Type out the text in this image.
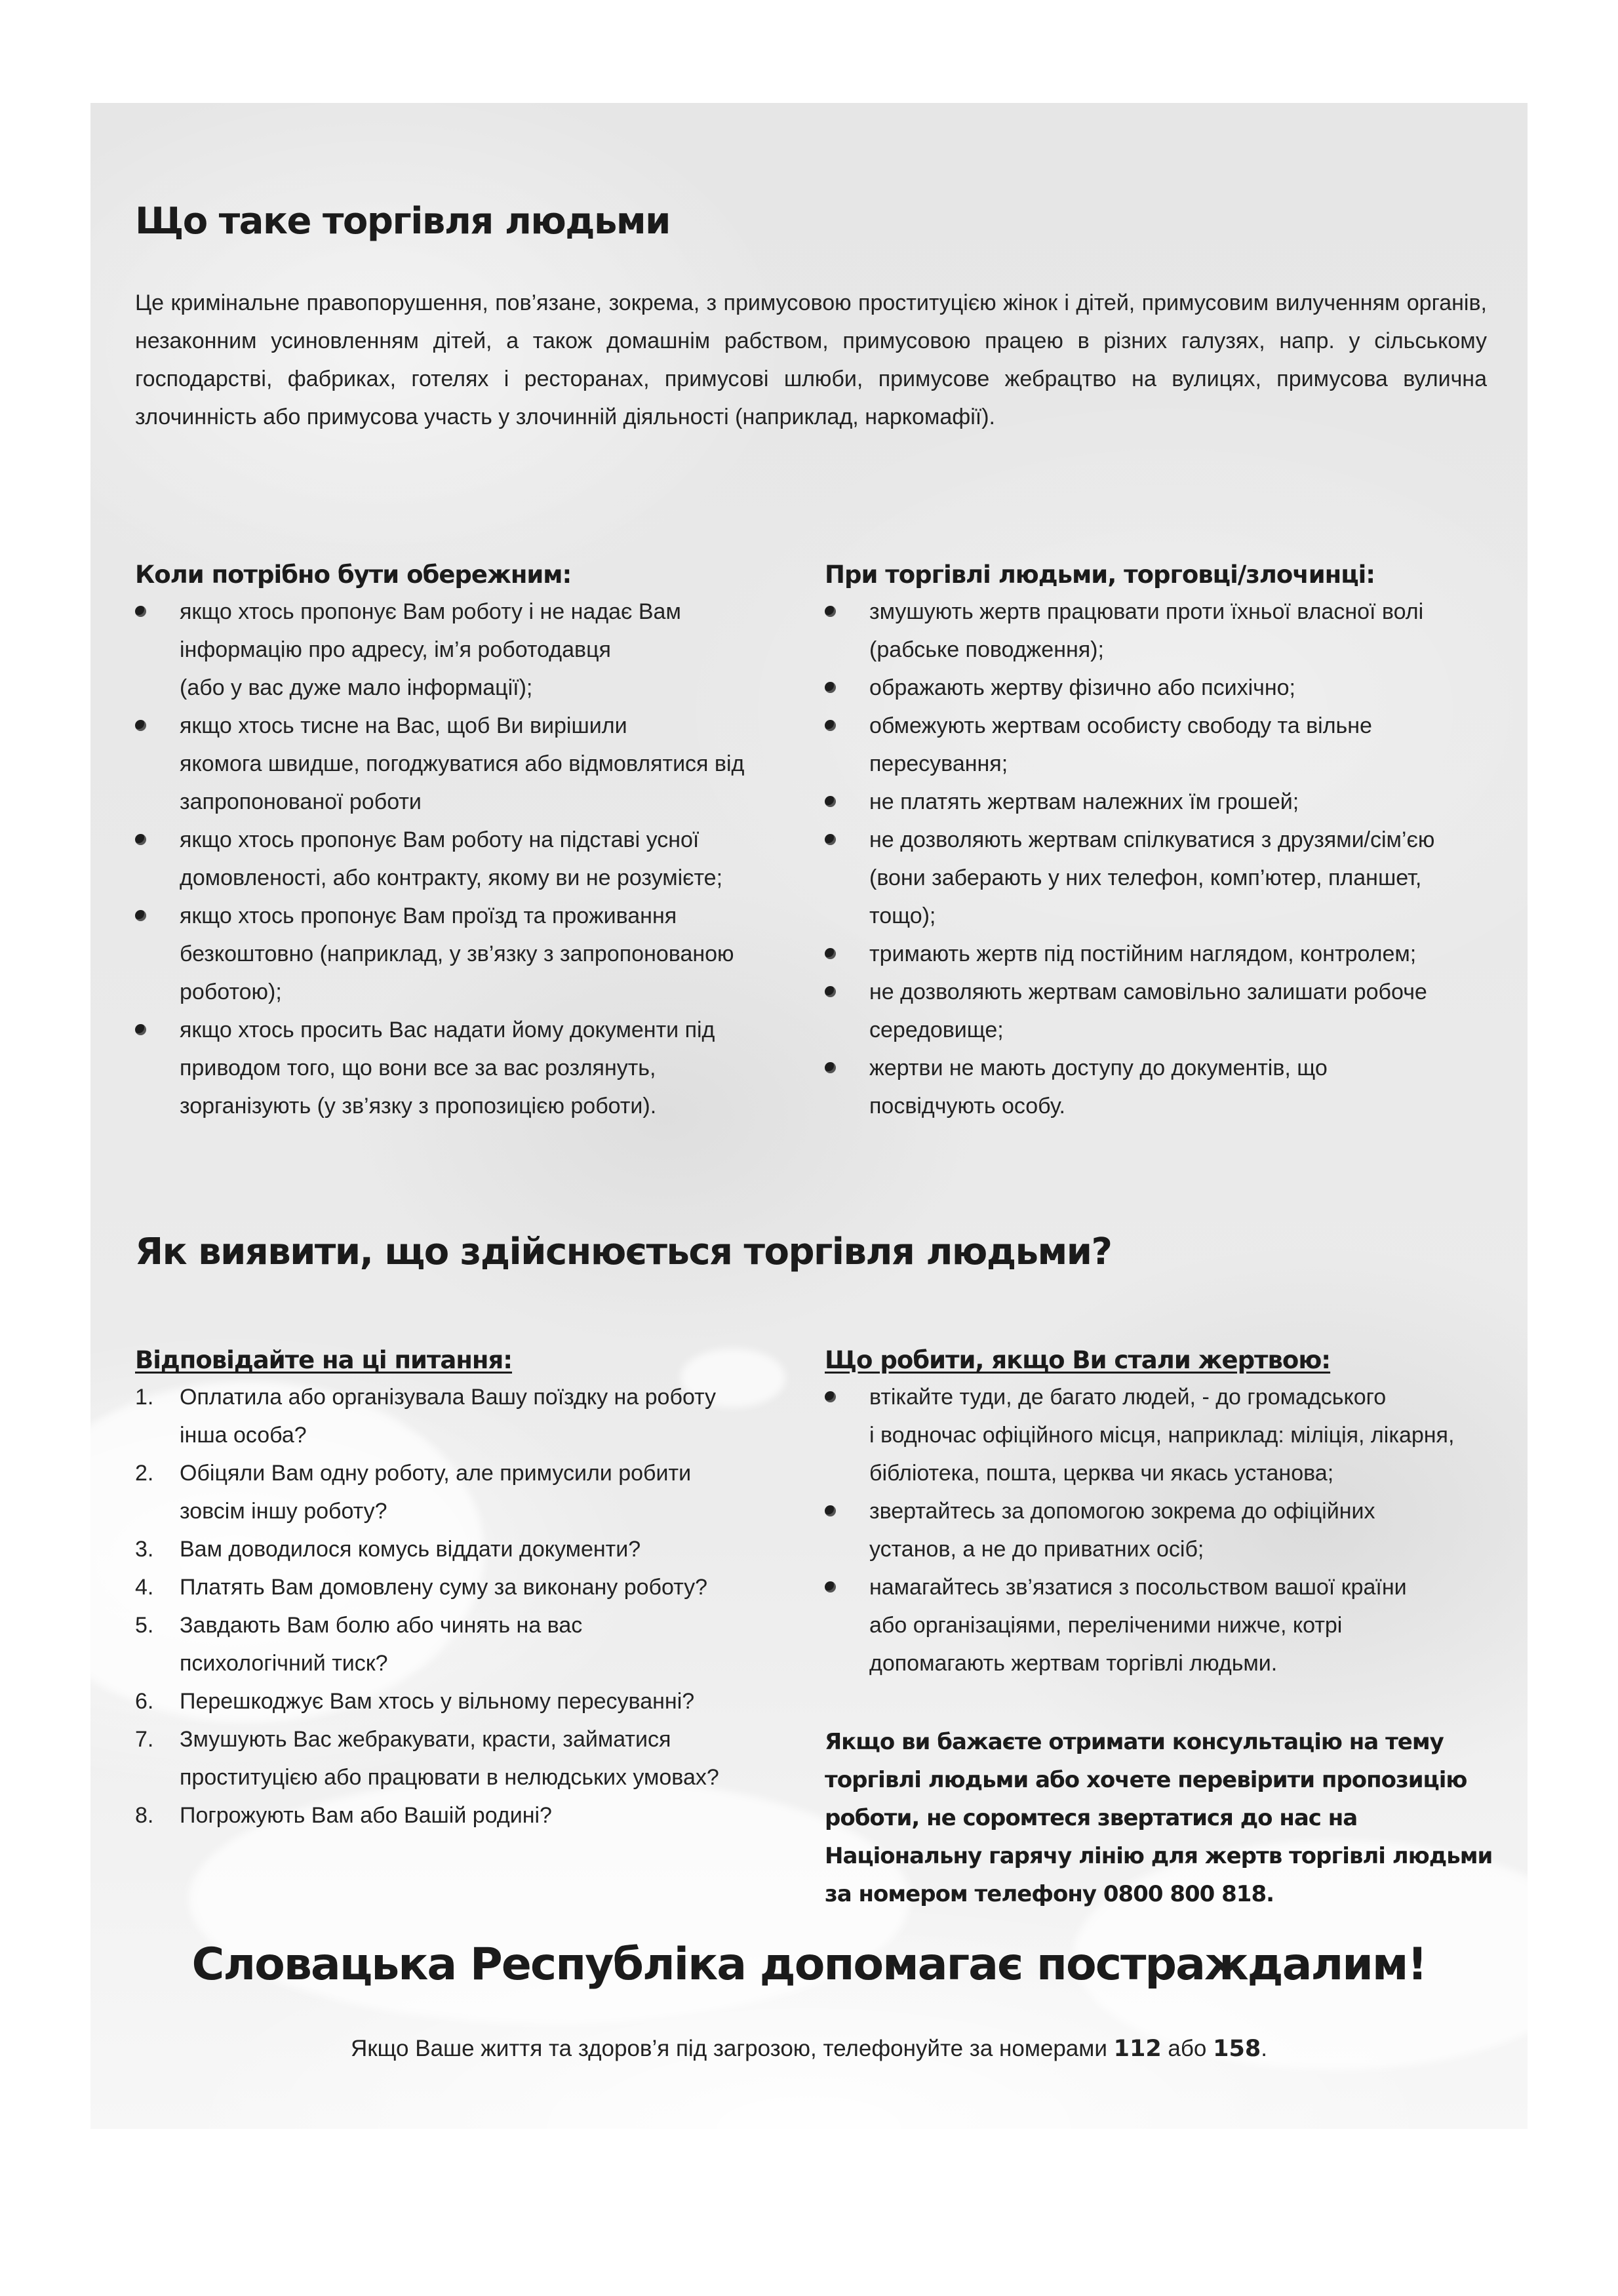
Що таке торгівля людьми

Це кримінальне правопорушення, пов’язане, зокрема, з примусовою проституцією жінок і дітей, примусовим вилученням органів, незаконним усиновленням дітей, а також домашнім рабством, примусовою працею в різних галузях, напр. у сільському господарстві, фабриках, готелях і ресторанах, примусові шлюби, примусове жебрацтво на вулицях, примусова вулична злочинність або примусова участь у злочинній діяльності (наприклад, наркомафії).

Коли потрібно бути обережним:
якщо хтось пропонує Вам роботу і не надає Вам
інформацію про адресу, ім’я роботодавця
(або у вас дуже мало інформації);
якщо хтось тисне на Вас, щоб Ви вирішили
якомога швидше, погоджуватися або відмовлятися від
запропонованої роботи
якщо хтось пропонує Вам роботу на підставі усної
домовленості, або контракту, якому ви не розумієте;
якщо хтось пропонує Вам проїзд та проживання
безкоштовно (наприклад, у зв’язку з запропонованою
роботою);
якщо хтось просить Вас надати йому документи під
приводом того, що вони все за вас розлянуть,
зорганізують (у зв’язку з пропозицією роботи).
При торгівлі людьми, торговці/злочинці:
змушують жертв працювати проти їхньої власної волі
(рабське поводження);
ображають жертву фізично або психічно;
обмежують жертвам особисту свободу та вільне
пересування;
не платять жертвам належних їм грошей;
не дозволяють жертвам спілкуватися з друзями/сім’єю
(вони заберають у них телефон, комп’ютер, планшет,
тощо);
тримають жертв під постійним наглядом, контролем;
не дозволяють жертвам самовільно залишати робоче
середовище;
жертви не мають доступу до документів, що
посвідчують особу.
Як виявити, що здійснюється торгівля людьми?
Відповідайте на ці питання:
1. Оплатила або організувала Вашу поїздку на роботу
інша особа?
2. Обіцяли Вам одну роботу, але примусили робити
зовсім іншу роботу?
3. Вам доводилося комусь віддати документи?
4. Платять Вам домовлену суму за виконану роботу?
5. Завдають Вам болю або чинять на вас
психологічний тиск?
6. Перешкоджує Вам хтось у вільному пересуванні?
7. Змушують Вас жебракувати, красти, займатися
проституцією або працювати в нелюдських умовах?
8. Погрожують Вам або Вашій родині?
Що робити, якщо Ви стали жертвою:
втікайте туди, де багато людей, - до громадського
і водночас офіційного місця, наприклад: міліція, лікарня,
бібліотека, пошта, церква чи якась установа;
звертайтесь за допомогою зокрема до офіційних
установ, а не до приватних осіб;
намагайтесь зв’язатися з посольством вашої країни
або організаціями, переліченими нижче, котрі
допомагають жертвам торгівлі людьми.

Якщо ви бажаєте отримати консультацію на тему
торгівлі людьми або хочете перевірити пропозицію
роботи, не соромтеся звертатися до нас на
Національну гарячу лінію для жертв торгівлі людьми
за номером телефону 0800 800 818.

Словацька Республіка допомагає постраждалим!

Якщо Ваше життя та здоров’я під загрозою, телефонуйте за номерами 112 або 158.
